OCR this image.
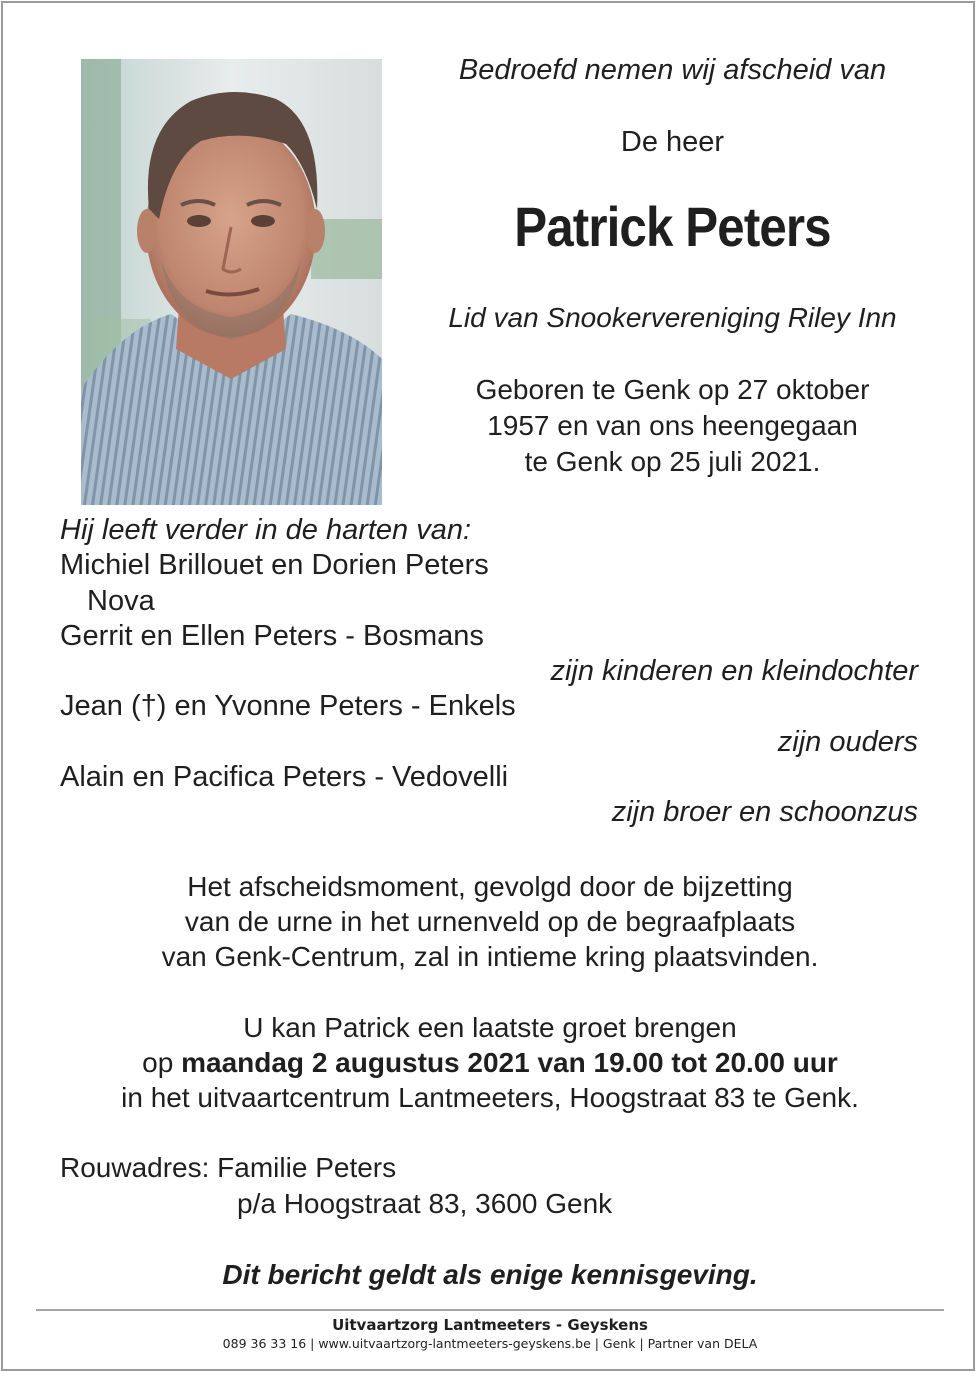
Bedroefd nemen wij afscheid van
De heer
Patrick Peters
Lid van Snookervereniging Riley Inn
Geboren te Genk op 27 oktober
1957 en van ons heengegaan
te Genk op 25 juli 2021.
Hij leeft verder in de harten van:
Michiel Brillouet en Dorien Peters
Nova
Gerrit en Ellen Peters - Bosmans
zijn kinderen en kleindochter
Jean (†) en Yvonne Peters - Enkels
zijn ouders
Alain en Pacifica Peters - Vedovelli
zijn broer en schoonzus
Het afscheidsmoment, gevolgd door de bijzetting
van de urne in het urnenveld op de begraafplaats
van Genk-Centrum, zal in intieme kring plaatsvinden.
U kan Patrick een laatste groet brengen
op maandag 2 augustus 2021 van 19.00 tot 20.00 uur
in het uitvaartcentrum Lantmeeters, Hoogstraat 83 te Genk.
Rouwadres: Familie Peters
p/a Hoogstraat 83, 3600 Genk
Dit bericht geldt als enige kennisgeving.
Uitvaartzorg Lantmeeters - Geyskens
089 36 33 16 | www.uitvaartzorg-lantmeeters-geyskens.be | Genk | Partner van DELA
